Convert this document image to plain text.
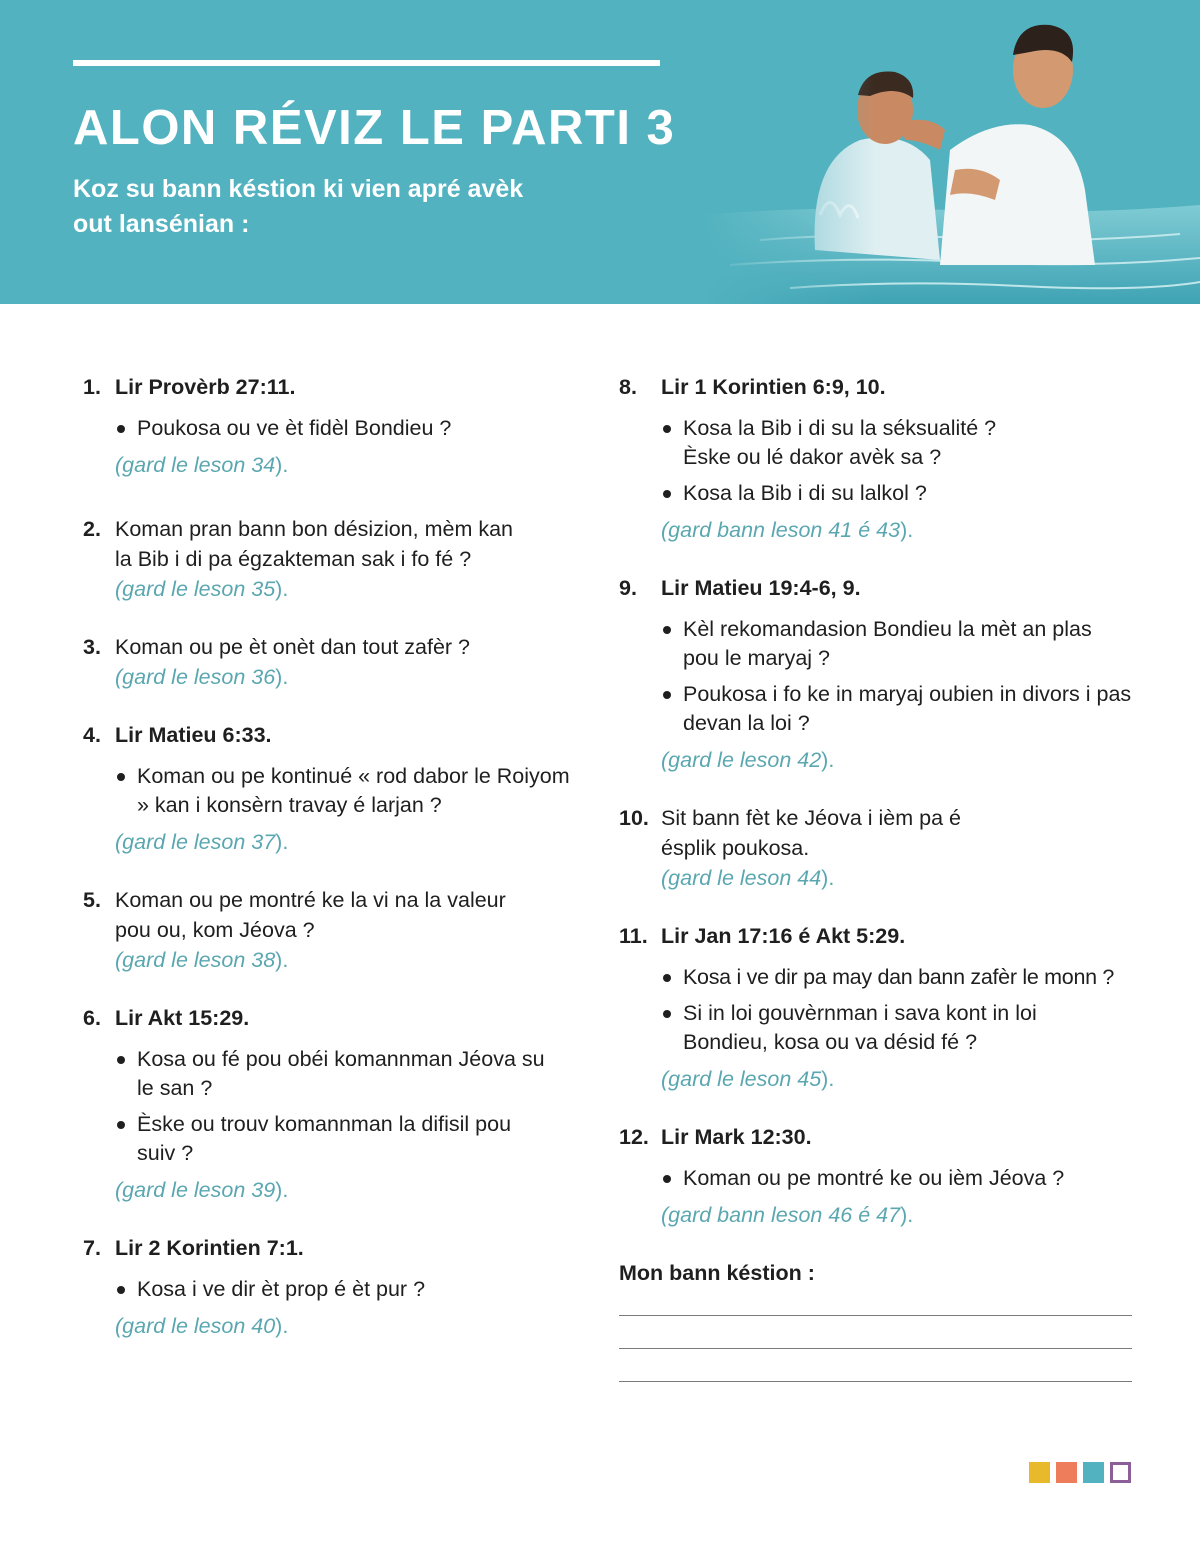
ALON RÉVIZ LE PARTI 3

Koz su bann késtion ki vien apré avèk out lansénian :

1. Lir Provèrb 27:11.
Poukosa ou ve èt fidèl Bondieu ?
(gard le leson 34).
2. Koman pran bann bon désizion, mèm kan la Bib i di pa égzakteman sak i fo fé ?
(gard le leson 35).
3. Koman ou pe èt onèt dan tout zafèr ?
(gard le leson 36).
4. Lir Matieu 6:33.
Koman ou pe kontinué « rod dabor le Roiyom » kan i konsèrn travay é larjan ?
(gard le leson 37).
5. Koman ou pe montré ke la vi na la valeur pou ou, kom Jéova ?
(gard le leson 38).
6. Lir Akt 15:29.
Kosa ou fé pou obéi komannman Jéova su le san ?
Èske ou trouv komannman la difisil pou suiv ?
(gard le leson 39).
7. Lir 2 Korintien 7:1.
Kosa i ve dir èt prop é èt pur ?
(gard le leson 40).
8.	Lir 1 Korintien 6:9, 10.
Kosa la Bib i di su la séksualité ? Èske ou lé dakor avèk sa ?
Kosa la Bib i di su lalkol ?
(gard bann leson 41 é 43).
9.	Lir Matieu 19:4-6, 9.
Kèl rekomandasion Bondieu la mèt an plas pou le maryaj ?
Poukosa i fo ke in maryaj oubien in divors i pas devan la loi ?
(gard le leson 42).
10. Sit bann fèt ke Jéova i ièm pa é ésplik poukosa.
(gard le leson 44).
11. Lir Jan 17:16 é Akt 5:29.
Kosa i ve dir pa may dan bann zafèr le monn ?
Si in loi gouvèrnman i sava kont in loi Bondieu, kosa ou va désid fé ?
(gard le leson 45).
12. Lir Mark 12:30.
Koman ou pe montré ke ou ièm Jéova ?
(gard bann leson 46 é 47).
Mon bann késtion :
